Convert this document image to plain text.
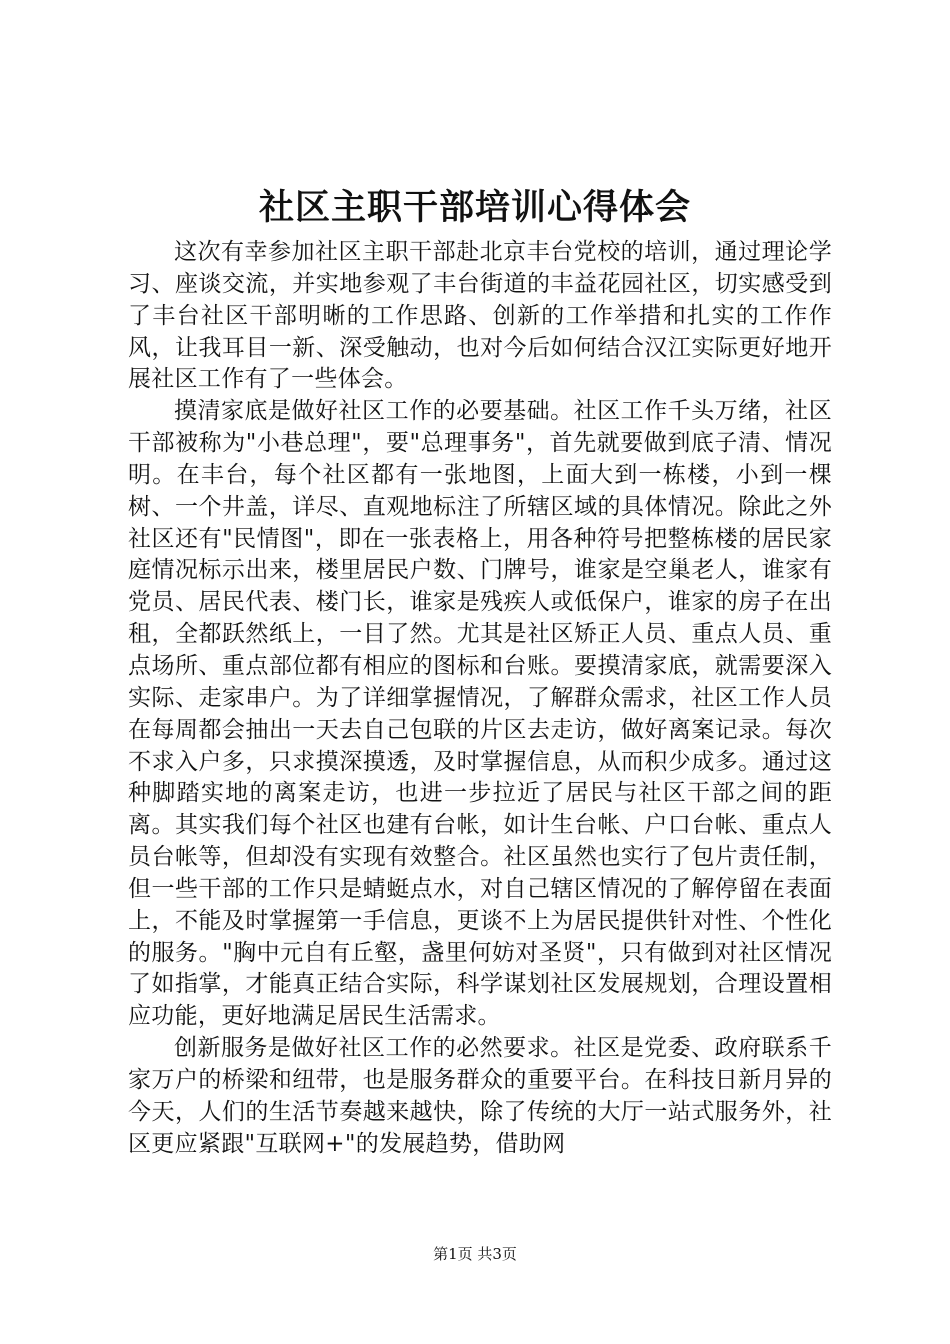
社区主职干部培训心得体会

这次有幸参加社区主职干部赴北京丰台党校的培训，通过理论学习、座谈交流，并实地参观了丰台街道的丰益花园社区，切实感受到了丰台社区干部明晰的工作思路、创新的工作举措和扎实的工作作风，让我耳目一新、深受触动，也对今后如何结合汉江实际更好地开展社区工作有了一些体会。

摸清家底是做好社区工作的必要基础。社区工作千头万绪，社区干部被称为"小巷总理"，要"总理事务"，首先就要做到底子清、情况明。在丰台，每个社区都有一张地图，上面大到一栋楼，小到一棵树、一个井盖，详尽、直观地标注了所辖区域的具体情况。除此之外社区还有"民情图"，即在一张表格上，用各种符号把整栋楼的居民家庭情况标示出来，楼里居民户数、门牌号，谁家是空巢老人，谁家有党员、居民代表、楼门长，谁家是残疾人或低保户，谁家的房子在出租，全都跃然纸上，一目了然。尤其是社区矫正人员、重点人员、重点场所、重点部位都有相应的图标和台账。要摸清家底，就需要深入实际、走家串户。为了详细掌握情况，了解群众需求，社区工作人员在每周都会抽出一天去自己包联的片区去走访，做好离案记录。每次不求入户多，只求摸深摸透，及时掌握信息，从而积少成多。通过这种脚踏实地的离案走访，也进一步拉近了居民与社区干部之间的距离。其实我们每个社区也建有台帐，如计生台帐、户口台帐、重点人员台帐等，但却没有实现有效整合。社区虽然也实行了包片责任制，但一些干部的工作只是蜻蜓点水，对自己辖区情况的了解停留在表面上，不能及时掌握第一手信息，更谈不上为居民提供针对性、个性化的服务。"胸中元自有丘壑，盏里何妨对圣贤"，只有做到对社区情况了如指掌，才能真正结合实际，科学谋划社区发展规划，合理设置相应功能，更好地满足居民生活需求。

创新服务是做好社区工作的必然要求。社区是党委、政府联系千家万户的桥梁和纽带，也是服务群众的重要平台。在科技日新月异的今天，人们的生活节奏越来越快，除了传统的大厅一站式服务外，社区更应紧跟"互联网+"的发展趋势，借助网

第1页 共3页
